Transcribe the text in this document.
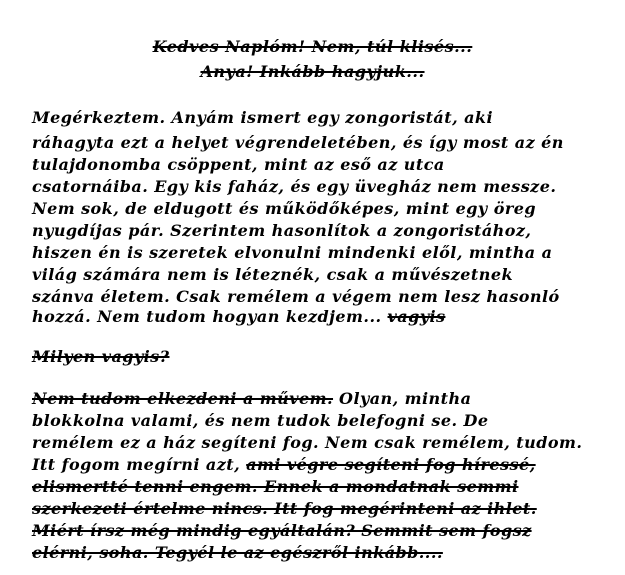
Kedves Naplóm! Nem, túl klisés...
Anya! Inkább hagyjuk...
Megérkeztem. Anyám ismert egy zongoristát, aki
ráhagyta ezt a helyet végrendeletében, és így most az én
tulajdonomba csöppent, mint az eső az utca
csatornáiba. Egy kis faház, és egy üvegház nem messze.
Nem sok, de eldugott és működőképes, mint egy öreg
nyugdíjas pár. Szerintem hasonlítok a zongoristához,
hiszen én is szeretek elvonulni mindenki elől, mintha a
világ számára nem is léteznék, csak a művészetnek
szánva életem. Csak remélem a végem nem lesz hasonló
hozzá. Nem tudom hogyan kezdjem... vagyis
Milyen vagyis?
Nem tudom elkezdeni a művem. Olyan, mintha
blokkolna valami, és nem tudok belefogni se. De
remélem ez a ház segíteni fog. Nem csak remélem, tudom.
Itt fogom megírni azt, ami végre segíteni fog híressé,
elismertté tenni engem. Ennek a mondatnak semmi
szerkezeti értelme nincs. Itt fog megérinteni az ihlet.
Miért írsz még mindig egyáltalán? Semmit sem fogsz
elérni, soha. Tegyél le az egészről inkább....
